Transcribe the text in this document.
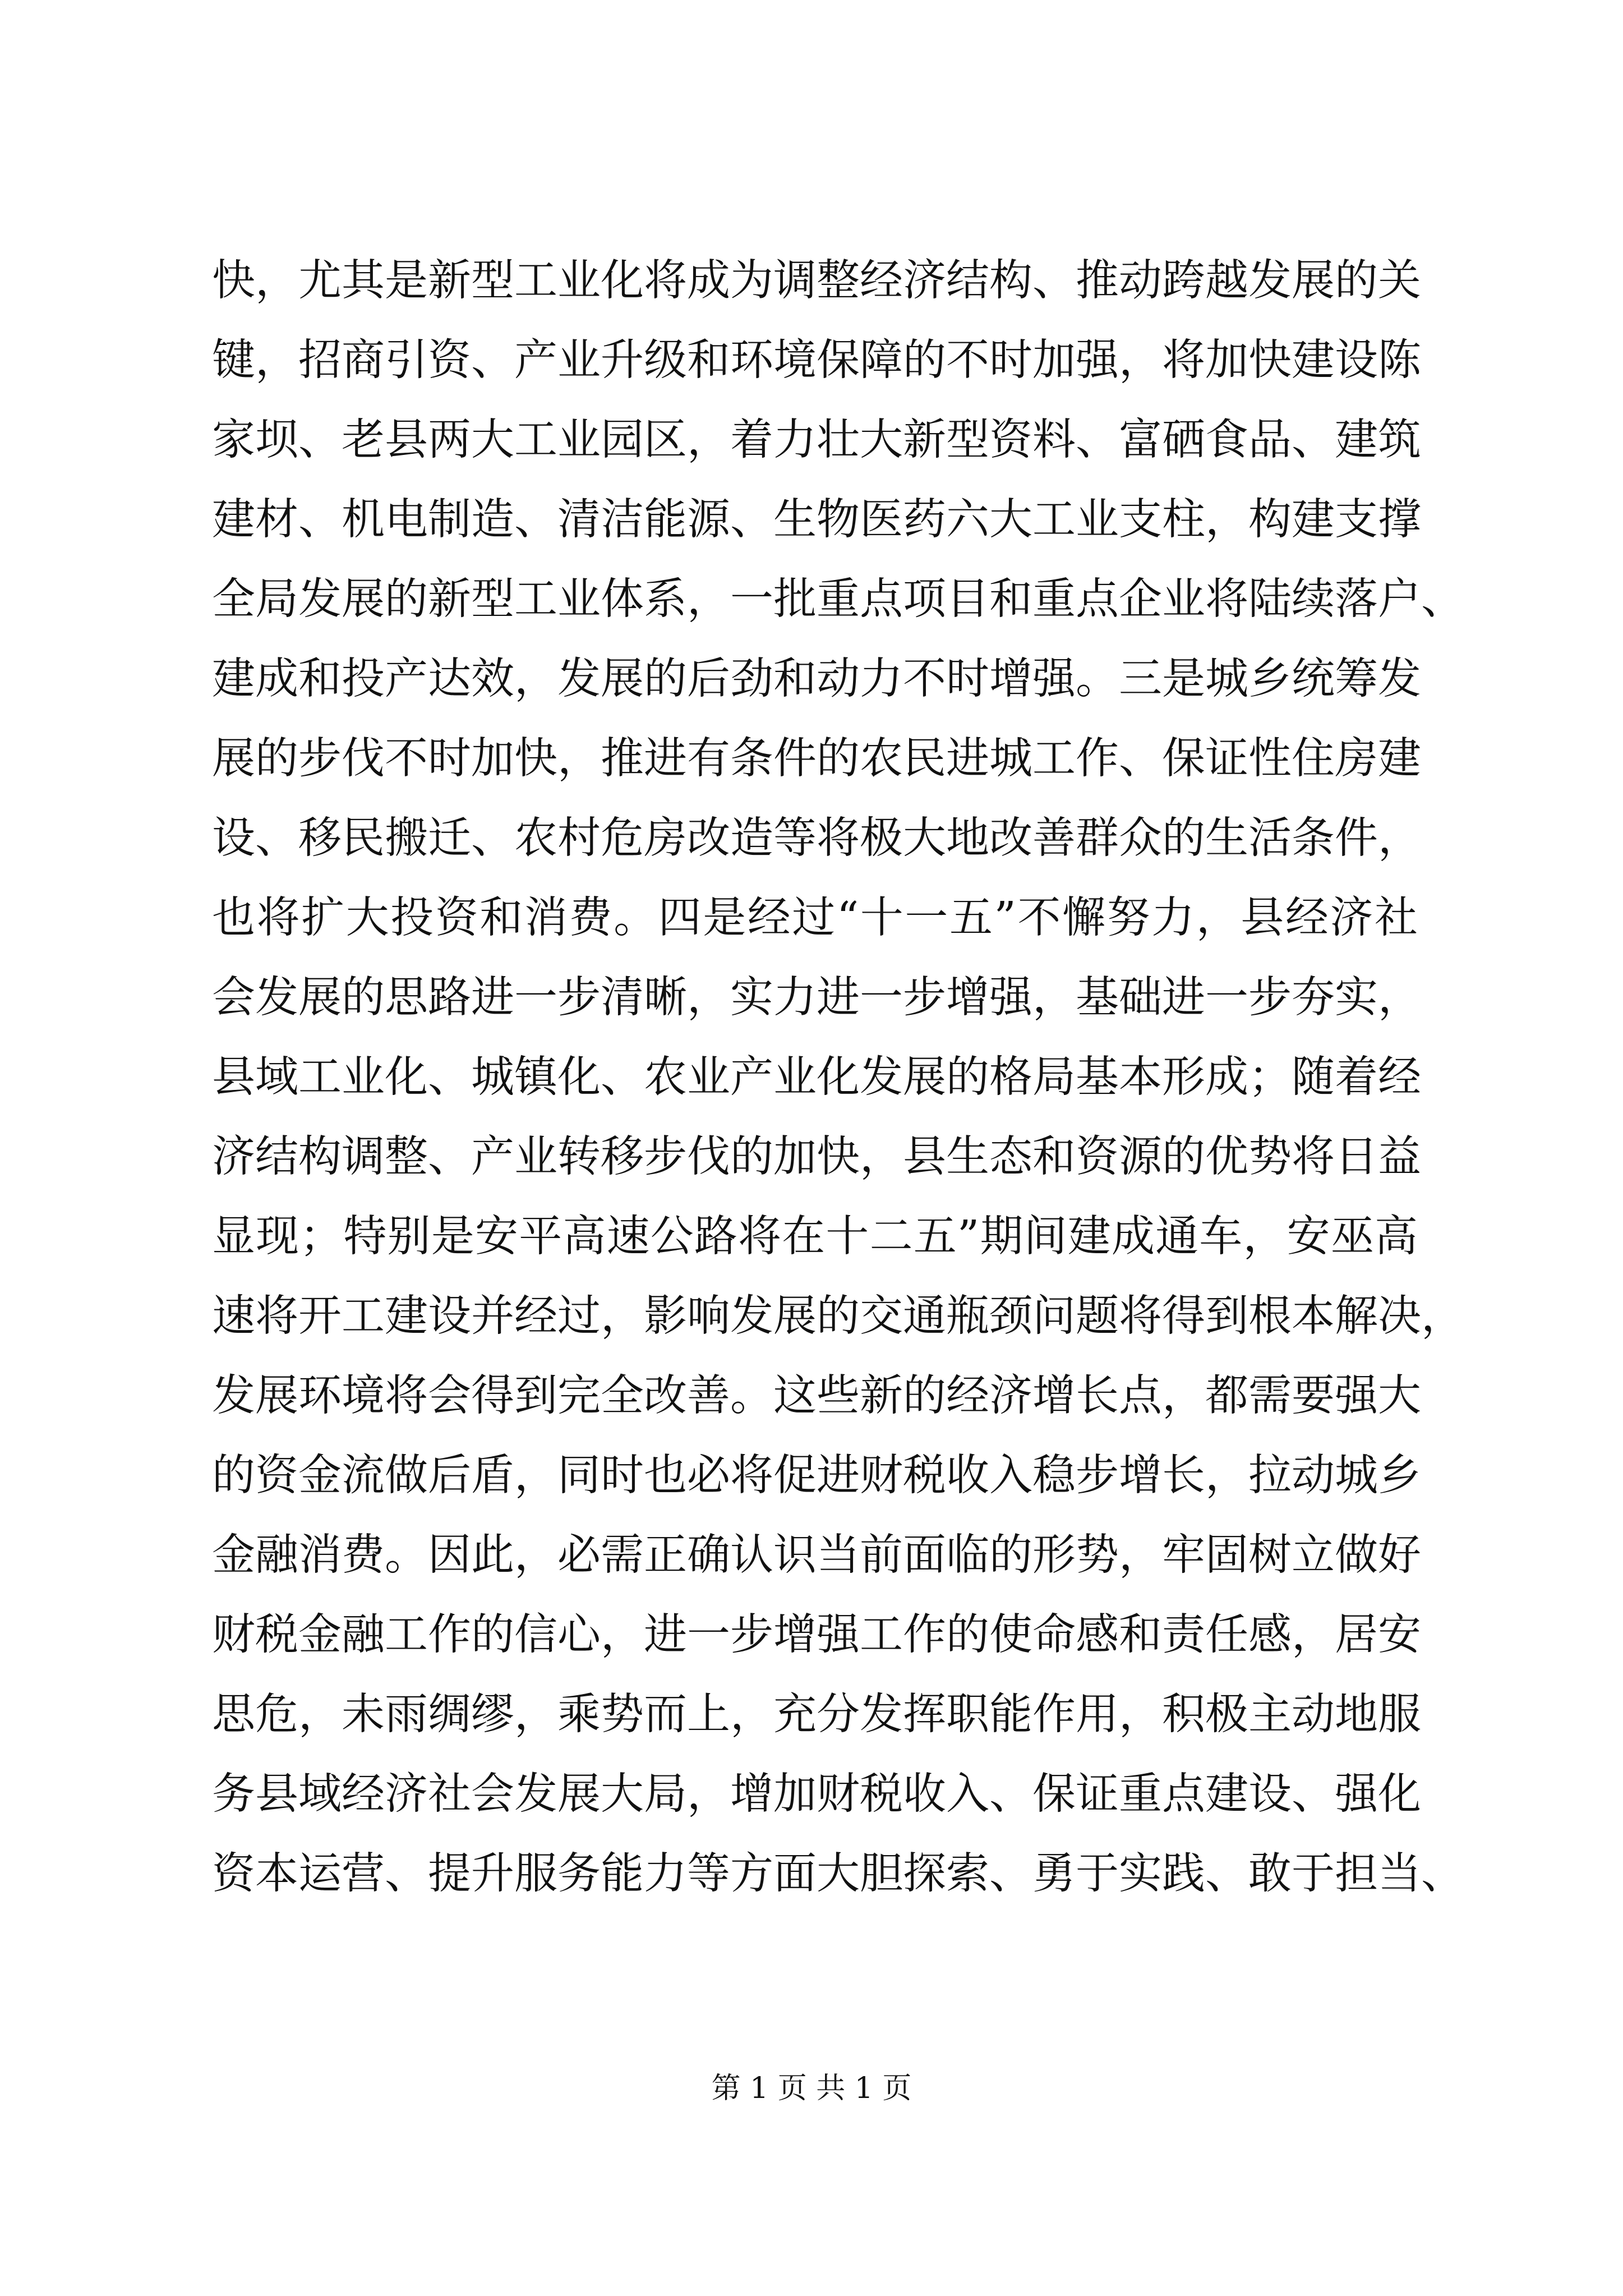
快，尤其是新型工业化将成为调整经济结构、推动跨越发展的关
键，招商引资、产业升级和环境保障的不时加强，将加快建设陈
家坝、老县两大工业园区，着力壮大新型资料、富硒食品、建筑
建材、机电制造、清洁能源、生物医药六大工业支柱，构建支撑
全局发展的新型工业体系，一批重点项目和重点企业将陆续落户、
建成和投产达效，发展的后劲和动力不时增强。三是城乡统筹发
展的步伐不时加快，推进有条件的农民进城工作、保证性住房建
设、移民搬迁、农村危房改造等将极大地改善群众的生活条件，
也将扩大投资和消费。四是经过“十一五”不懈努力，县经济社
会发展的思路进一步清晰，实力进一步增强，基础进一步夯实，
县域工业化、城镇化、农业产业化发展的格局基本形成；随着经
济结构调整、产业转移步伐的加快，县生态和资源的优势将日益
显现；特别是安平高速公路将在十二五”期间建成通车，安巫高
速将开工建设并经过，影响发展的交通瓶颈问题将得到根本解决，
发展环境将会得到完全改善。这些新的经济增长点，都需要强大
的资金流做后盾，同时也必将促进财税收入稳步增长，拉动城乡
金融消费。因此，必需正确认识当前面临的形势，牢固树立做好
财税金融工作的信心，进一步增强工作的使命感和责任感，居安
思危，未雨绸缪，乘势而上，充分发挥职能作用，积极主动地服
务县域经济社会发展大局，增加财税收入、保证重点建设、强化
资本运营、提升服务能力等方面大胆探索、勇于实践、敢于担当、
第 1 页 共 1 页
